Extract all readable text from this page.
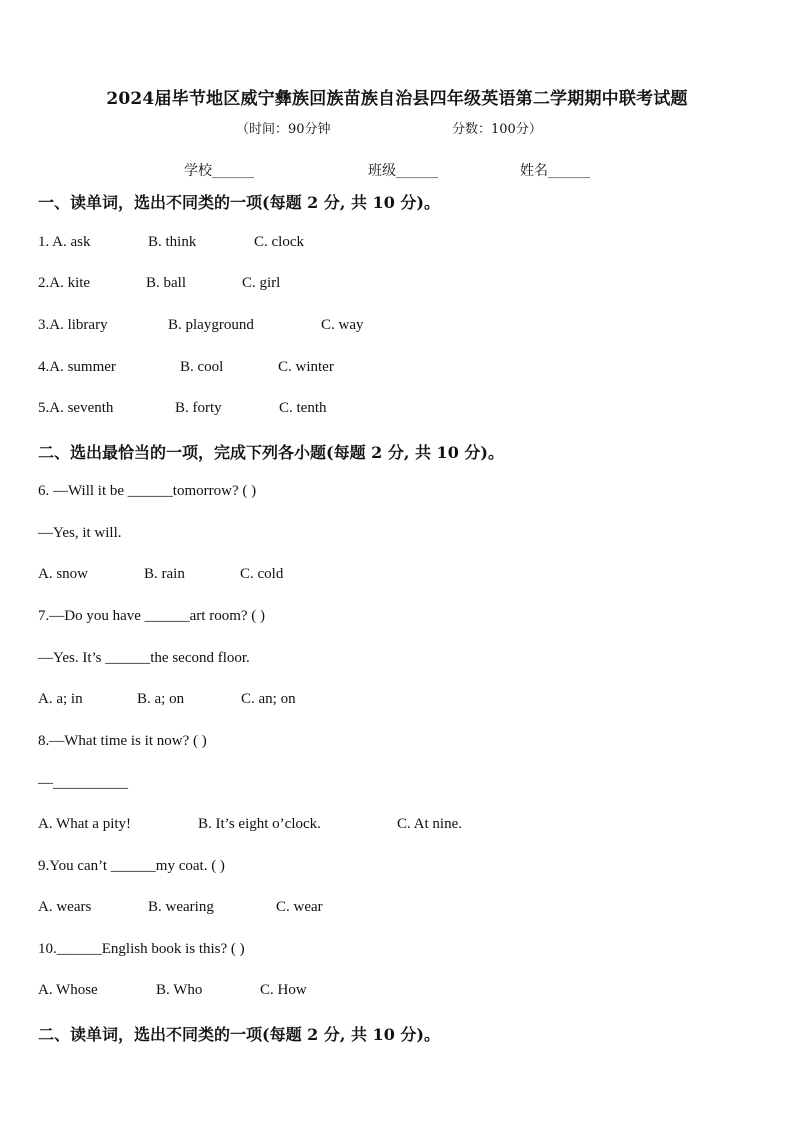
2024届毕节地区威宁彝族回族苗族自治县四年级英语第二学期期中联考试题
（时间：90分钟	分数：100分）
学校______	班级______	姓名______
一、读单词，选出不同类的一项(每题 2 分, 共 10 分)。
1. A. ask	B. think	C. clock
2.A. kite	B. ball	C. girl
3.A. library	B. playground	C. way
4.A. summer	B. cool	C. winter
5.A. seventh	B. forty	C. tenth
二、选出最恰当的一项，完成下列各小题(每题 2 分, 共 10 分)。
6. —Will it be ______tomorrow? ( )
—Yes, it will.
A. snow	B. rain	C. cold
7.—Do you have ______art room? ( )
—Yes. It’s ______the second floor.
A. a; in	B. a; on	C. an; on
8.—What time is it now? ( )
—__________
A. What a pity!	B. It’s eight o’clock.	C. At nine.
9.You can’t ______my coat. ( )
A. wears	B. wearing	C. wear
10.______English book is this? ( )
A. Whose	B. Who	C. How
二、读单词，选出不同类的一项(每题 2 分, 共 10 分)。
